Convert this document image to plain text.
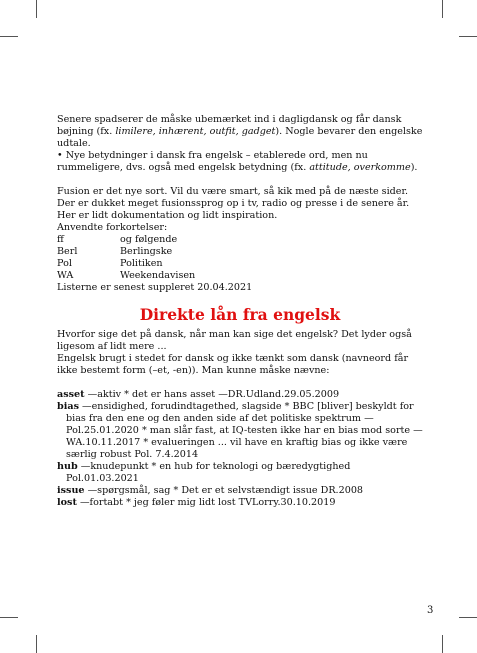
Senere spadserer de måske ubemærket ind i dagligdansk og får dansk bøjning (fx. limilere, inhærent, outfit, gadget). Nogle bevarer den engelske udtale.

• Nye betydninger i dansk fra engelsk – etablerede ord, men nu rummeligere, dvs. også med engelsk betydning (fx. attitude, overkomme).

Fusion er det nye sort. Vil du være smart, så kik med på de næste sider. Der er dukket meget fusionssprog op i tv, radio og presse i de senere år.

Her er lidt dokumentation og lidt inspiration.

Anvendte forkortelser:

ff	og følgende
Berl	Berlingske
Pol	Politiken
WA	Weekendavisen

Listerne er senest suppleret 20.04.2021

Direkte lån fra engelsk

Hvorfor sige det på dansk, når man kan sige det engelsk? Det lyder også ligesom af lidt mere ...

Engelsk brugt i stedet for dansk og ikke tænkt som dansk (navneord får ikke bestemt form (–et, -en)). Man kunne måske nævne:

asset —aktiv * det er hans asset —DR.Udland.29.05.2009

bias —ensidighed, forudindtagethed, slagside * BBC [bliver] beskyldt for bias fra den ene og den anden side af det politiske spektrum —Pol.25.01.2020 * man slår fast, at IQ-testen ikke har en bias mod sorte —WA.10.11.2017 * evalueringen ... vil have en kraftig bias og ikke være særlig robust Pol. 7.4.2014

hub —knudepunkt * en hub for teknologi og bæredygtighed Pol.01.03.2021

issue —spørgsmål, sag * Det er et selvstændigt issue DR.2008

lost —fortabt * jeg føler mig lidt lost TVLorry.30.10.2019

3
